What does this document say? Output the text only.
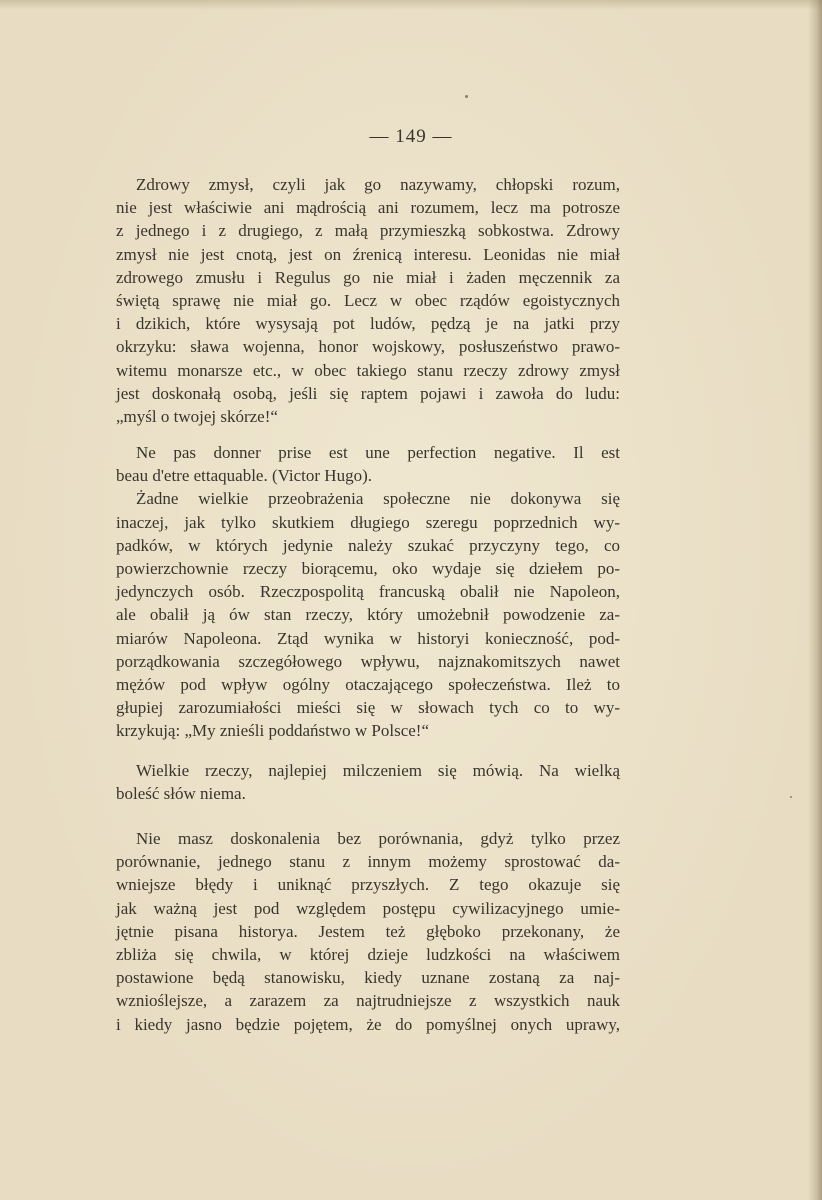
— 149 —

Zdrowy zmysł, czyli jak go nazywamy, chłopski rozum,

nie jest właściwie ani mądrością ani rozumem, lecz ma potrosze

z jednego i z drugiego, z małą przymieszką sobkostwa. Zdrowy

zmysł nie jest cnotą, jest on źrenicą interesu. Leonidas nie miał

zdrowego zmusłu i Regulus go nie miał i żaden męczennik za

świętą sprawę nie miał go. Lecz w obec rządów egoistycznych

i dzikich, które wysysają pot ludów, pędzą je na jatki przy

okrzyku: sława wojenna, honor wojskowy, posłuszeństwo prawo-

witemu monarsze etc., w obec takiego stanu rzeczy zdrowy zmysł

jest doskonałą osobą, jeśli się raptem pojawi i zawoła do ludu:

„myśl o twojej skórze!“

Ne pas donner prise est une perfection negative. Il est

beau d'etre ettaquable. (Victor Hugo).

Żadne wielkie przeobrażenia społeczne nie dokonywa się

inaczej, jak tylko skutkiem długiego szeregu poprzednich wy-

padków, w których jedynie należy szukać przyczyny tego, co

powierzchownie rzeczy biorącemu, oko wydaje się dziełem po-

jedynczych osób. Rzeczpospolitą francuską obalił nie Napoleon,

ale obalił ją ów stan rzeczy, który umożebnił powodzenie za-

miarów Napoleona. Ztąd wynika w historyi konieczność, pod-

porządkowania szczegółowego wpływu, najznakomitszych nawet

mężów pod wpływ ogólny otaczającego społeczeństwa. Ileż to

głupiej zarozumiałości mieści się w słowach tych co to wy-

krzykują: „My znieśli poddaństwo w Polsce!“

Wielkie rzeczy, najlepiej milczeniem się mówią. Na wielką

boleść słów niema.

Nie masz doskonalenia bez porównania, gdyż tylko przez

porównanie, jednego stanu z innym możemy sprostować da-

wniejsze błędy i uniknąć przyszłych. Z tego okazuje się

jak ważną jest pod względem postępu cywilizacyjnego umie-

jętnie pisana historya. Jestem też głęboko przekonany, że

zbliża się chwila, w której dzieje ludzkości na właściwem

postawione będą stanowisku, kiedy uznane zostaną za naj-

wznioślejsze, a zarazem za najtrudniejsze z wszystkich nauk

i kiedy jasno będzie pojętem, że do pomyślnej onych uprawy,
